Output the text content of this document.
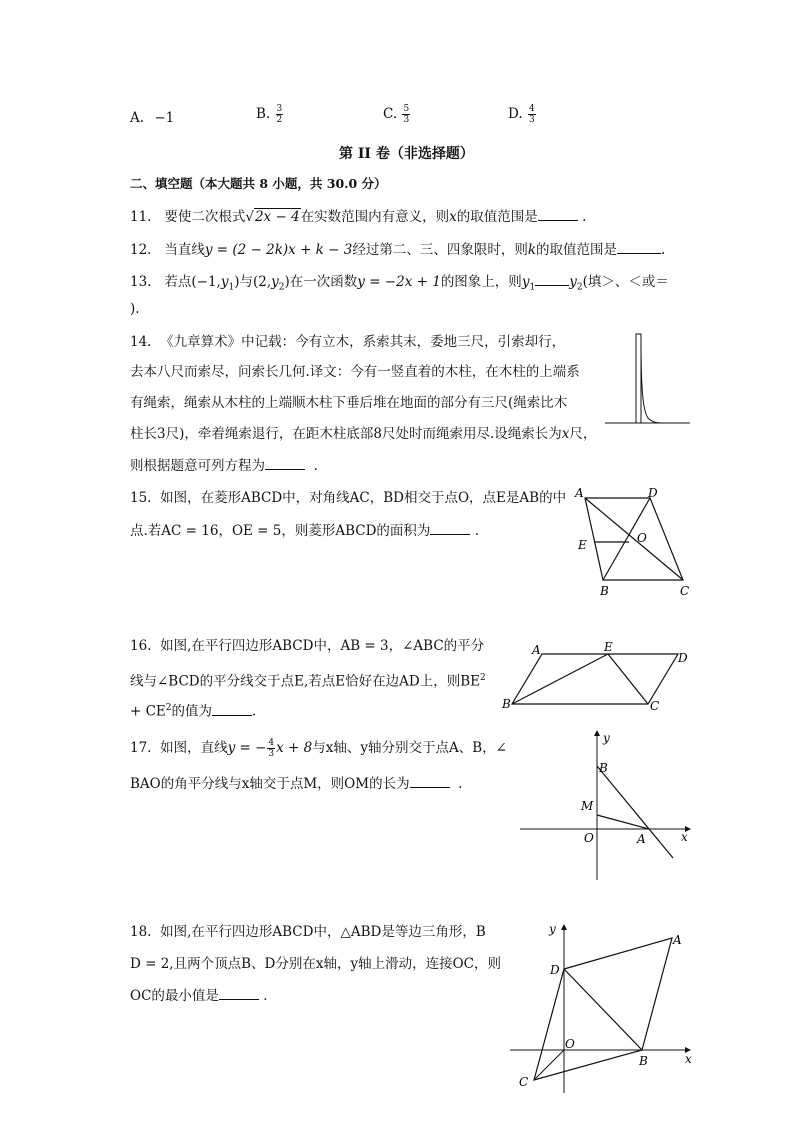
A. −1	B. $\frac{3}{2}$	C. $\frac{5}{3}$	D. $\frac{4}{3}$
第 II 卷（非选择题）
二、填空题（本大题共 8 小题，共 30.0 分）
11. 要使二次根式√2x − 4在实数范围内有意义，则x的取值范围是	.
12. 当直线y = (2 − 2k)x + k − 3经过第二、三、四象限时，则k的取值范围是	.
13. 若点$(-1,y_1)$与$(2,y_2)$在一次函数y = −2x + 1的图象上，则$y_1$	$y_2$(填＞、＜或＝
).
14. 《九章算术》中记载：今有立木，系索其末，委地三尺，引索却行，
去本八尺而索尽，问索长几何.译文：今有一竖直着的木柱，在木柱的上端系
有绳索，绳索从木柱的上端顺木柱下垂后堆在地面的部分有三尺(绳索比木
柱长3尺)，牵着绳索退行，在距木柱底部8尺处时而绳索用尽.设绳索长为x尺，
则根据题意可列方程为	.
15. 如图，在菱形ABCD中，对角线AC，BD相交于点O，点E是AB的中
点.若AC = 16，OE = 5，则菱形ABCD的面积为	.
A	D
E	O
B	C
16. 如图,在平行四边形ABCD中，AB = 3，∠ABC的平分
线与∠BCD的平分线交于点E,若点E恰好在边AD上，则$BE^2$
+ $CE^2$的值为	.
A	E
D
B	C
17. 如图，直线y = − $\frac{4}{3}$ x + 8与x轴、y轴分别交于点A、B，∠
BAO的角平分线与x轴交于点M，则OM的长为	.
y
x
B
M
O	A
18. 如图,在平行四边形ABCD中，△ABD是等边三角形，B
D = 2,且两个顶点B、D分别在x轴，y轴上滑动，连接OC，则
OC的最小值是	.
y
x
A
D
O
B
C
